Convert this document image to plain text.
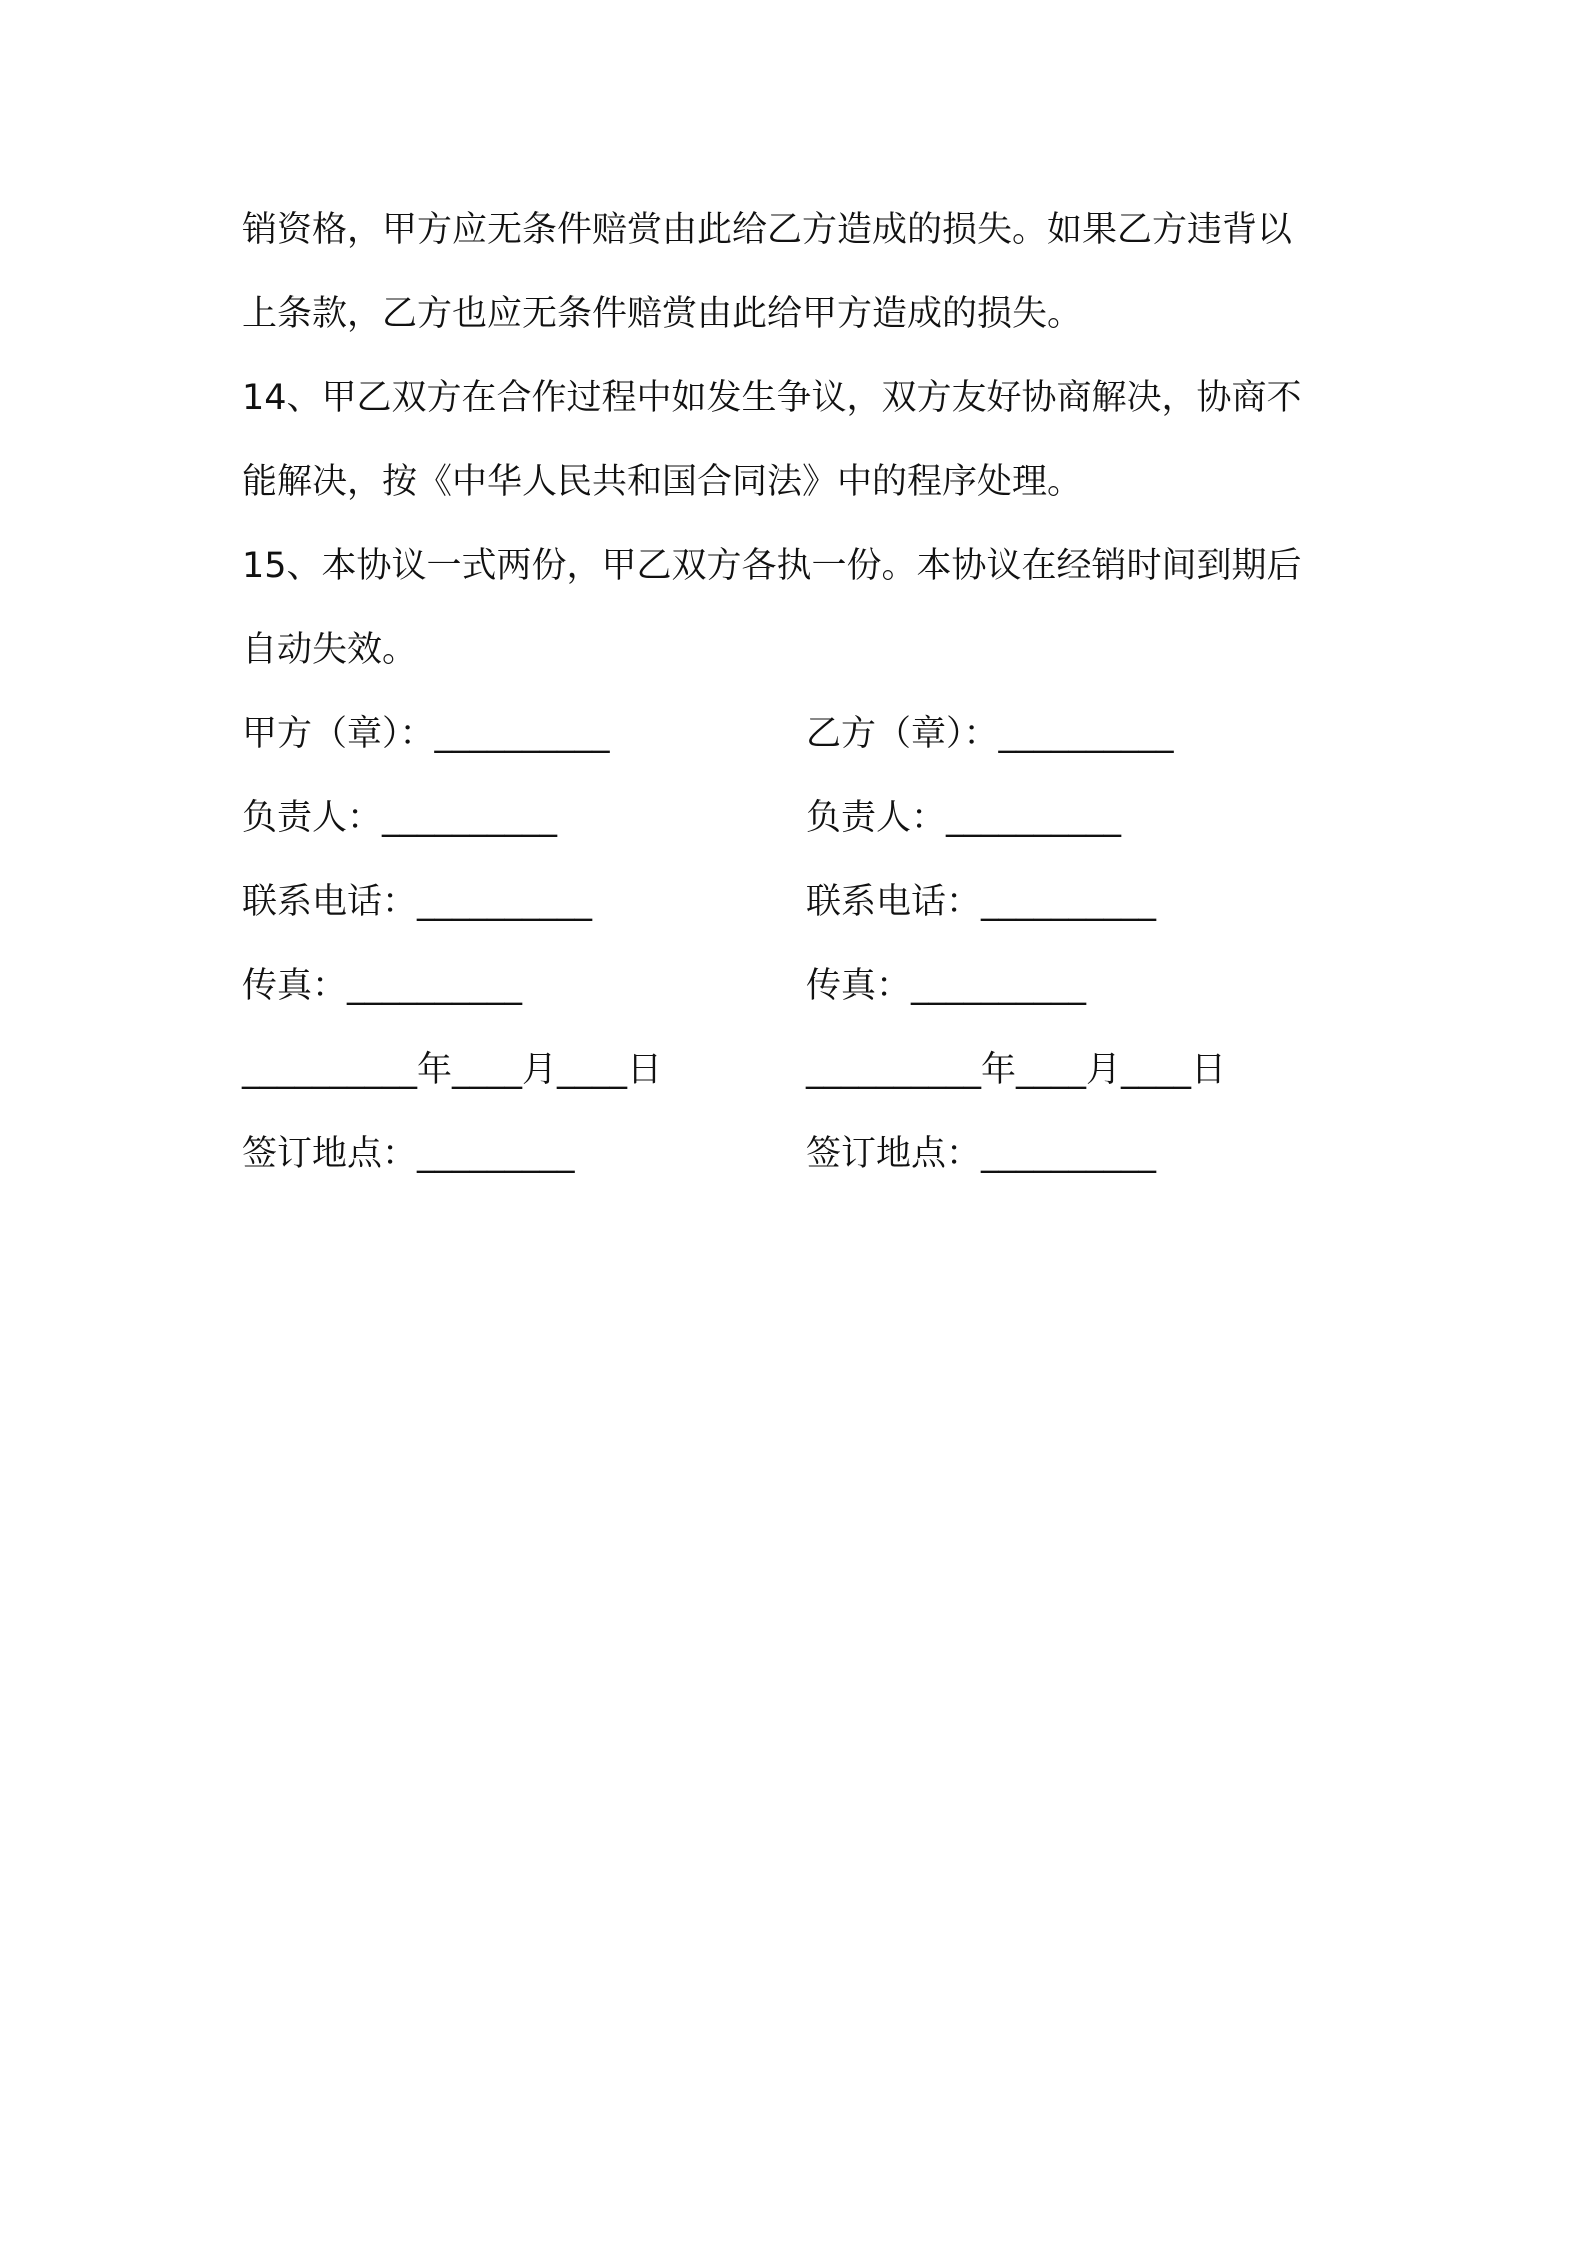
销资格，甲方应无条件赔赏由此给乙方造成的损失。如果乙方违背以

上条款，乙方也应无条件赔赏由此给甲方造成的损失。

14、甲乙双方在合作过程中如发生争议，双方友好协商解决，协商不

能解决，按《中华人民共和国合同法》中的程序处理。

15、本协议一式两份，甲乙双方各执一份。本协议在经销时间到期后

自动失效。

甲方（章）：__________	乙方（章）：__________
负责人：__________	负责人：__________
联系电话：__________	联系电话：__________
传真：__________	传真：__________
__________年____月____日	__________年____月____日
签订地点：_________	签订地点：__________
